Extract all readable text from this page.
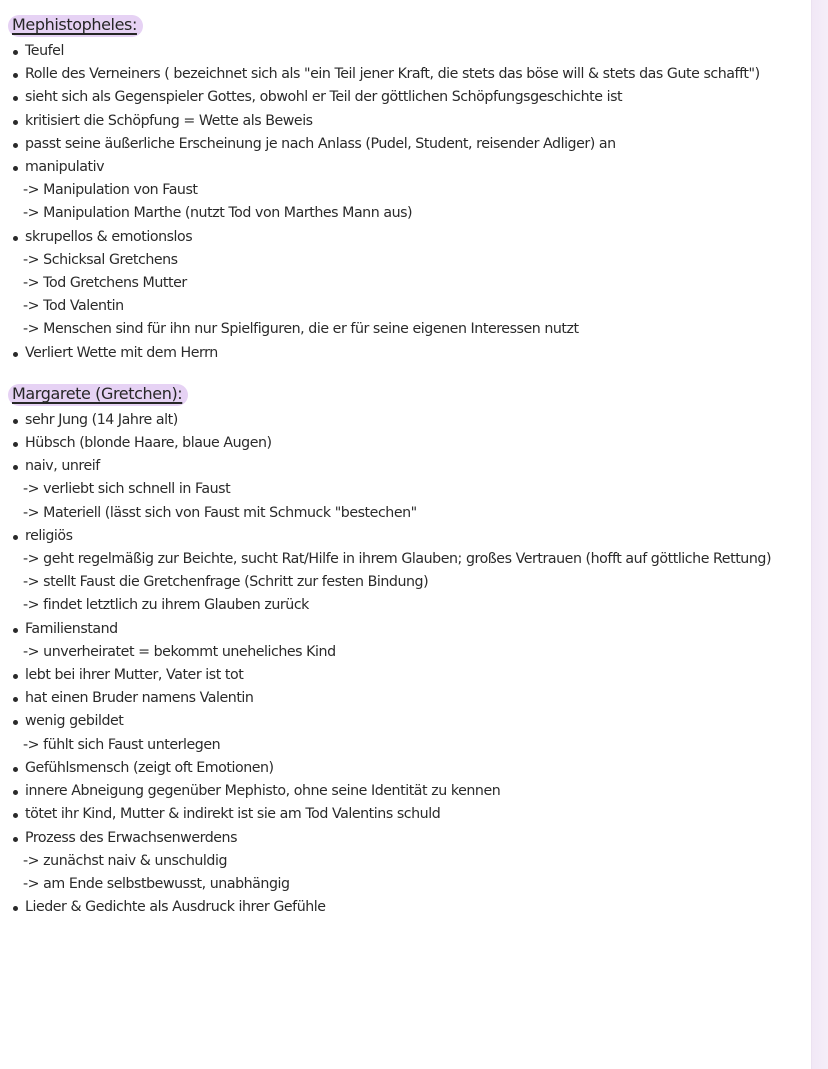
Mephistopheles:
Teufel
Rolle des Verneiners ( bezeichnet sich als "ein Teil jener Kraft, die stets das böse will & stets das Gute schafft")
sieht sich als Gegenspieler Gottes, obwohl er Teil der göttlichen Schöpfungsgeschichte ist
kritisiert die Schöpfung = Wette als Beweis
passt seine äußerliche Erscheinung je nach Anlass (Pudel, Student, reisender Adliger) an
manipulativ
-> Manipulation von Faust
-> Manipulation Marthe (nutzt Tod von Marthes Mann aus)
skrupellos & emotionslos
-> Schicksal Gretchens
-> Tod Gretchens Mutter
-> Tod Valentin
-> Menschen sind für ihn nur Spielfiguren, die er für seine eigenen Interessen nutzt
Verliert Wette mit dem Herrn
Margarete (Gretchen):
sehr Jung (14 Jahre alt)
Hübsch (blonde Haare, blaue Augen)
naiv, unreif
-> verliebt sich schnell in Faust
-> Materiell (lässt sich von Faust mit Schmuck "bestechen"
religiös
-> geht regelmäßig zur Beichte, sucht Rat/Hilfe in ihrem Glauben; großes Vertrauen (hofft auf göttliche Rettung)
-> stellt Faust die Gretchenfrage (Schritt zur festen Bindung)
-> findet letztlich zu ihrem Glauben zurück
Familienstand
-> unverheiratet = bekommt uneheliches Kind
lebt bei ihrer Mutter, Vater ist tot
hat einen Bruder namens Valentin
wenig gebildet
-> fühlt sich Faust unterlegen
Gefühlsmensch (zeigt oft Emotionen)
innere Abneigung gegenüber Mephisto, ohne seine Identität zu kennen
tötet ihr Kind, Mutter & indirekt ist sie am Tod Valentins schuld
Prozess des Erwachsenwerdens
-> zunächst naiv & unschuldig
-> am Ende selbstbewusst, unabhängig
Lieder & Gedichte als Ausdruck ihrer Gefühle
